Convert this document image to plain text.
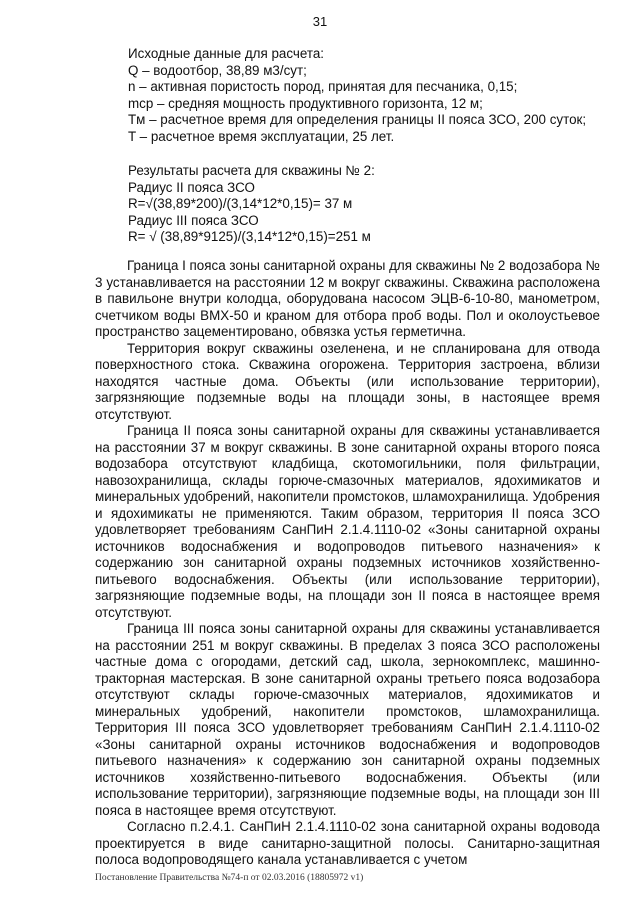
31
Исходные данные для расчета:
Q – водоотбор, 38,89 м3/сут;
n – активная пористость пород, принятая для песчаника, 0,15;
mср – средняя мощность продуктивного горизонта, 12 м;
Tм – расчетное время для определения границы II пояса ЗСО, 200 суток;
T – расчетное время эксплуатации, 25 лет.
Результаты расчета для скважины № 2:
Радиус II пояса ЗСО
R=√(38,89*200)/(3,14*12*0,15)= 37 м
Радиус III пояса ЗСО
R= √ (38,89*9125)/(3,14*12*0,15)=251 м

Граница I пояса зоны санитарной охраны для скважины № 2 водозабора № 3 устанавливается на расстоянии 12 м вокруг скважины. Скважина расположена в павильоне внутри колодца, оборудована насосом ЭЦВ-6-10-80, манометром, счетчиком воды ВМХ-50 и краном для отбора проб воды. Пол и околоустьевое пространство зацементировано, обвязка устья герметична.

Территория вокруг скважины озеленена, и не спланирована для отвода поверхностного стока. Скважина огорожена. Территория застроена, вблизи находятся частные дома. Объекты (или использование территории), загрязняющие подземные воды на площади зоны, в настоящее время отсутствуют.

Граница II пояса зоны санитарной охраны для скважины устанавливается на расстоянии 37 м вокруг скважины. В зоне санитарной охраны второго пояса водозабора отсутствуют кладбища, скотомогильники, поля фильтрации, навозохранилища, склады горюче-смазочных материалов, ядохимикатов и минеральных удобрений, накопители промстоков, шламохранилища. Удобрения и ядохимикаты не применяются. Таким образом, территория II пояса ЗСО удовлетворяет требованиям СанПиН 2.1.4.1110-02 «Зоны санитарной охраны источников водоснабжения и водопроводов питьевого назначения» к содержанию зон санитарной охраны подземных источников хозяйственно-питьевого водоснабжения. Объекты (или использование территории), загрязняющие подземные воды, на площади зон II пояса в настоящее время отсутствуют.

Граница III пояса зоны санитарной охраны для скважины устанавливается на расстоянии 251 м вокруг скважины. В пределах 3 пояса ЗСО расположены частные дома с огородами, детский сад, школа, зернокомплекс, машинно-тракторная мастерская. В зоне санитарной охраны третьего пояса водозабора отсутствуют склады горюче-смазочных материалов, ядохимикатов и минеральных удобрений, накопители промстоков, шламохранилища. Территория III пояса ЗСО удовлетворяет требованиям СанПиН 2.1.4.1110-02 «Зоны санитарной охраны источников водоснабжения и водопроводов питьевого назначения» к содержанию зон санитарной охраны подземных источников хозяйственно-питьевого водоснабжения. Объекты (или использование территории), загрязняющие подземные воды, на площади зон III пояса в настоящее время отсутствуют.

Согласно п.2.4.1. СанПиН 2.1.4.1110-02 зона санитарной охраны водовода проектируется в виде санитарно-защитной полосы. Санитарно-защитная полоса водопроводящего канала устанавливается с учетом

Постановление Правительства №74-п от 02.03.2016 (18805972 v1)
